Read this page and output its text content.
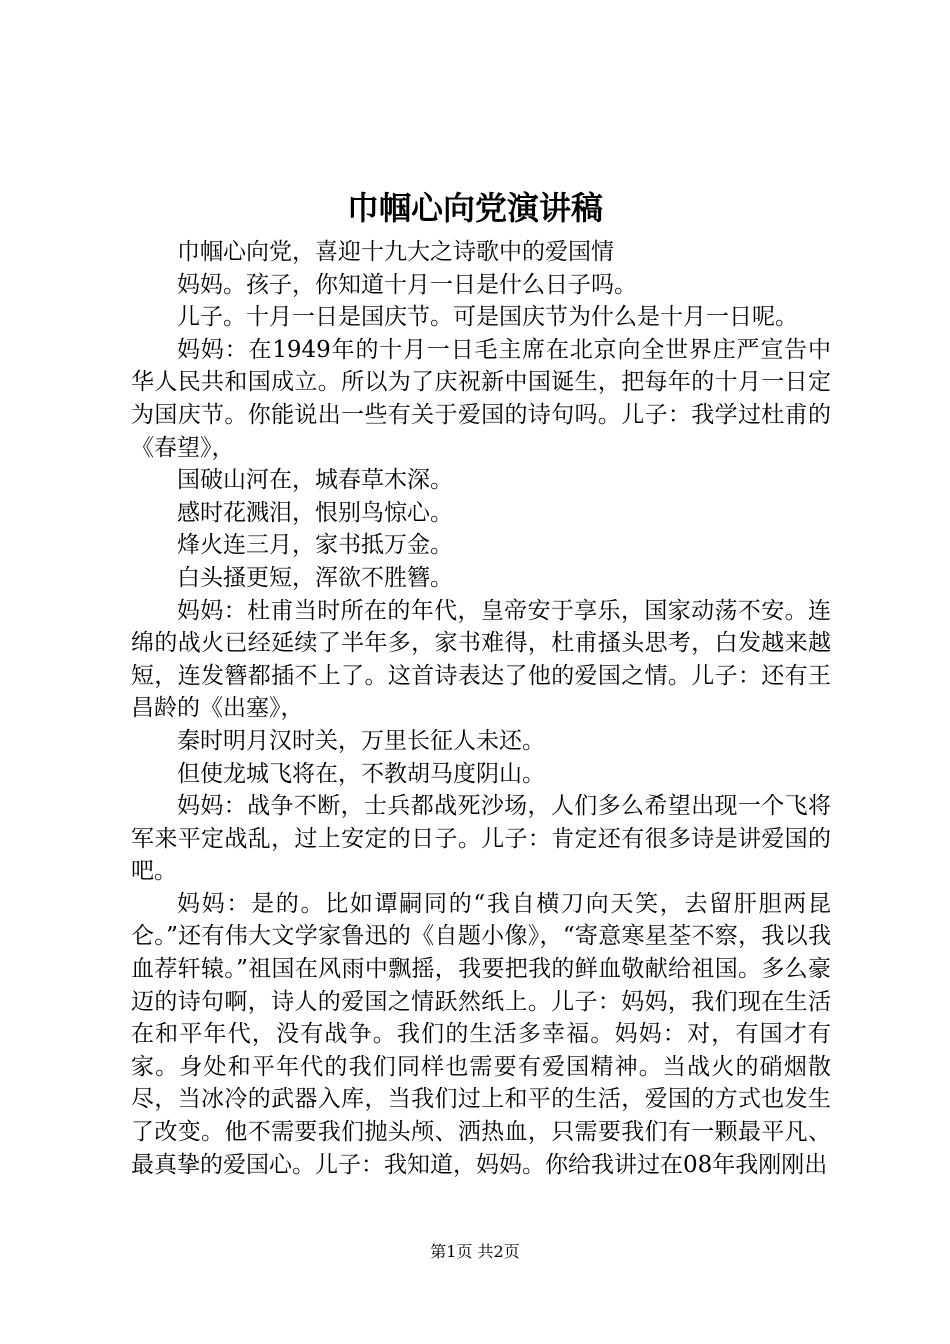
巾帼心向党演讲稿

巾帼心向党，喜迎十九大之诗歌中的爱国情

妈妈。孩子，你知道十月一日是什么日子吗。

儿子。十月一日是国庆节。可是国庆节为什么是十月一日呢。

妈妈：在1949年的十月一日毛主席在北京向全世界庄严宣告中华人民共和国成立。所以为了庆祝新中国诞生，把每年的十月一日定为国庆节。你能说出一些有关于爱国的诗句吗。儿子：我学过杜甫的《春望》，

国破山河在，城春草木深。

感时花溅泪，恨别鸟惊心。

烽火连三月，家书抵万金。

白头搔更短，浑欲不胜簪。

妈妈：杜甫当时所在的年代，皇帝安于享乐，国家动荡不安。连绵的战火已经延续了半年多，家书难得，杜甫搔头思考，白发越来越短，连发簪都插不上了。这首诗表达了他的爱国之情。儿子：还有王昌龄的《出塞》，

秦时明月汉时关，万里长征人未还。

但使龙城飞将在，不教胡马度阴山。

妈妈：战争不断，士兵都战死沙场，人们多么希望出现一个飞将军来平定战乱，过上安定的日子。儿子：肯定还有很多诗是讲爱国的吧。

妈妈：是的。比如谭嗣同的“我自横刀向天笑，去留肝胆两昆仑。”还有伟大文学家鲁迅的《自题小像》，“寄意寒星荃不察，我以我血荐轩辕。”祖国在风雨中飘摇，我要把我的鲜血敬献给祖国。多么豪迈的诗句啊，诗人的爱国之情跃然纸上。儿子：妈妈，我们现在生活在和平年代，没有战争。我们的生活多幸福。妈妈：对，有国才有家。身处和平年代的我们同样也需要有爱国精神。当战火的硝烟散尽，当冰冷的武器入库，当我们过上和平的生活，爱国的方式也发生了改变。他不需要我们抛头颅、洒热血，只需要我们有一颗最平凡、最真挚的爱国心。儿子：我知道，妈妈。你给我讲过在08年我刚刚出

第1页 共2页
